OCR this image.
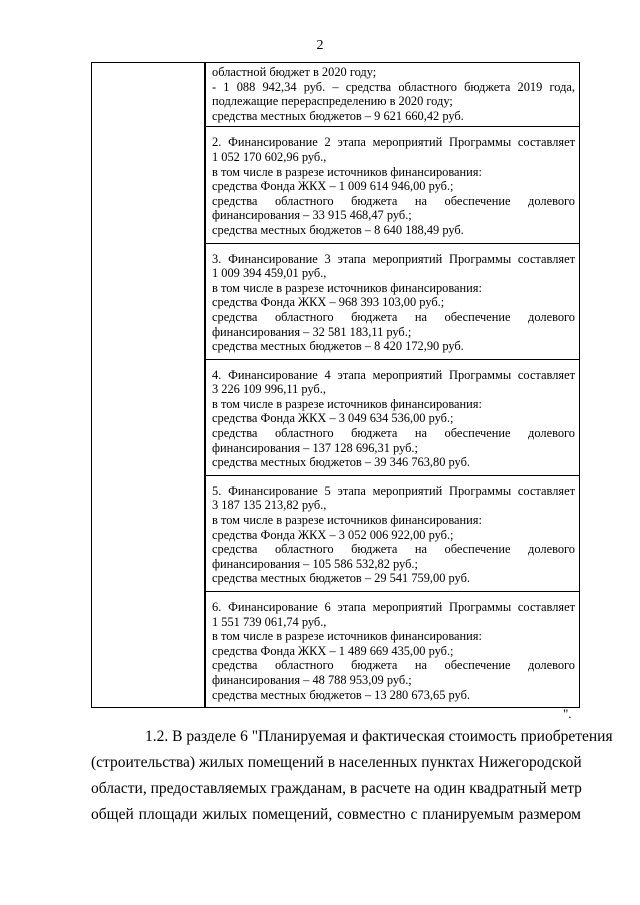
2

областной бюджет в 2020 году;
- 1 088 942,34 руб. – средства областного бюджета 2019 года,
подлежащие перераспределению в 2020 году;
средства местных бюджетов – 9 621 660,42 руб.

2. Финансирование 2 этапа мероприятий Программы составляет
1 052 170 602,96 руб.,
в том числе в разрезе источников финансирования:
средства Фонда ЖКХ – 1 009 614 946,00 руб.;
средства областного бюджета на обеспечение долевого
финансирования – 33 915 468,47 руб.;
средства местных бюджетов – 8 640 188,49 руб.

3. Финансирование 3 этапа мероприятий Программы составляет
1 009 394 459,01 руб.,
в том числе в разрезе источников финансирования:
средства Фонда ЖКХ – 968 393 103,00 руб.;
средства областного бюджета на обеспечение долевого
финансирования – 32 581 183,11 руб.;
средства местных бюджетов – 8 420 172,90 руб.

4. Финансирование 4 этапа мероприятий Программы составляет
3 226 109 996,11 руб.,
в том числе в разрезе источников финансирования:
средства Фонда ЖКХ – 3 049 634 536,00 руб.;
средства областного бюджета на обеспечение долевого
финансирования – 137 128 696,31 руб.;
средства местных бюджетов – 39 346 763,80 руб.

5. Финансирование 5 этапа мероприятий Программы составляет
3 187 135 213,82 руб.,
в том числе в разрезе источников финансирования:
средства Фонда ЖКХ – 3 052 006 922,00 руб.;
средства областного бюджета на обеспечение долевого
финансирования – 105 586 532,82 руб.;
средства местных бюджетов – 29 541 759,00 руб.

6. Финансирование 6 этапа мероприятий Программы составляет
1 551 739 061,74 руб.,
в том числе в разрезе источников финансирования:
средства Фонда ЖКХ – 1 489 669 435,00 руб.;
средства областного бюджета на обеспечение долевого
финансирования – 48 788 953,09 руб.;
средства местных бюджетов – 13 280 673,65 руб.
".
1.2. В разделе 6 "Планируемая и фактическая стоимость приобретения
(строительства) жилых помещений в населенных пунктах Нижегородской
области, предоставляемых гражданам, в расчете на один квадратный метр
общей площади жилых помещений, совместно с планируемым размером
